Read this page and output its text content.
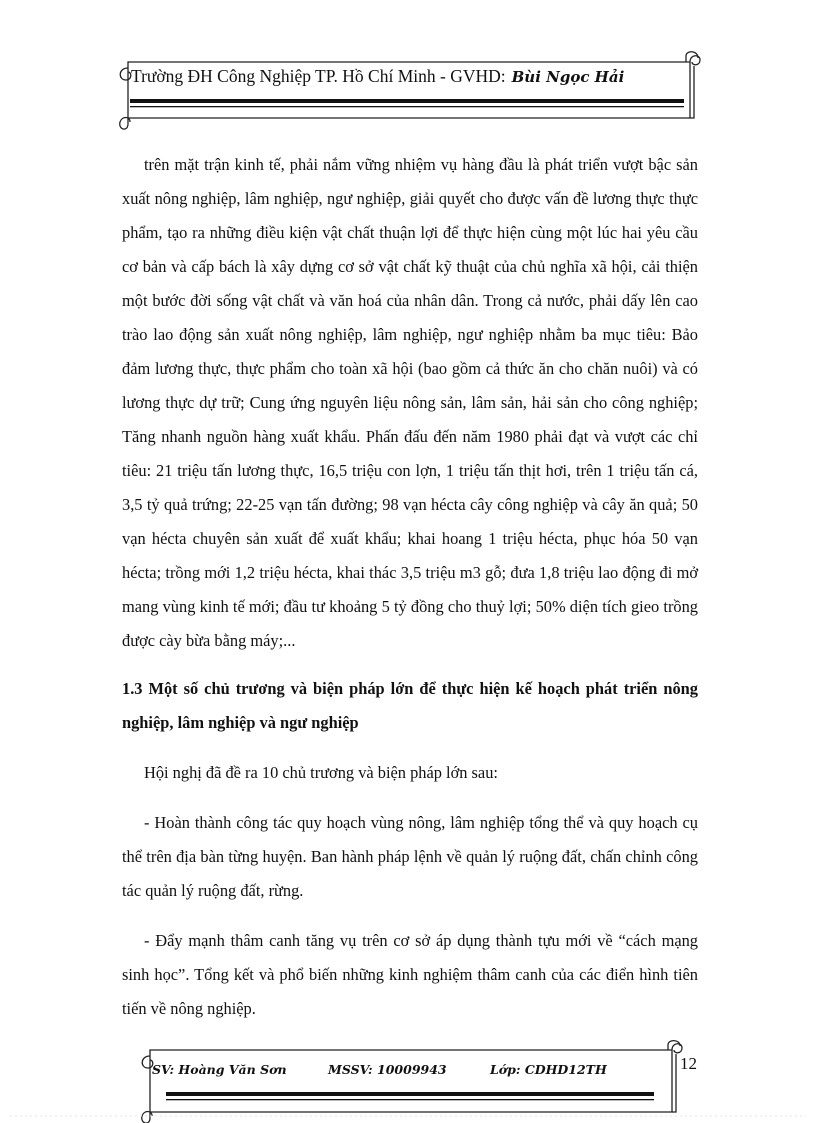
Trường ĐH Công Nghiệp TP. Hồ Chí Minh - GVHD: Bùi Ngọc Hải

trên mặt trận kinh tế, phải nắm vững nhiệm vụ hàng đầu là phát triển vượt bậc sản xuất nông nghiệp, lâm nghiệp, ngư nghiệp, giải quyết cho được vấn đề lương thực thực phẩm, tạo ra những điều kiện vật chất thuận lợi để thực hiện cùng một lúc hai yêu cầu cơ bản và cấp bách là xây dựng cơ sở vật chất kỹ thuật của chủ nghĩa xã hội, cải thiện một bước đời sống vật chất và văn hoá của nhân dân. Trong cả nước, phải dấy lên cao trào lao động sản xuất nông nghiệp, lâm nghiệp, ngư nghiệp nhằm ba mục tiêu: Bảo đảm lương thực, thực phẩm cho toàn xã hội (bao gồm cả thức ăn cho chăn nuôi) và có lương thực dự trữ; Cung ứng nguyên liệu nông sản, lâm sản, hải sản cho công nghiệp; Tăng nhanh nguồn hàng xuất khẩu. Phấn đấu đến năm 1980 phải đạt và vượt các chỉ tiêu: 21 triệu tấn lương thực, 16,5 triệu con lợn, 1 triệu tấn thịt hơi, trên 1 triệu tấn cá, 3,5 tỷ quả trứng; 22-25 vạn tấn đường; 98 vạn hécta cây công nghiệp và cây ăn quả; 50 vạn hécta chuyên sản xuất để xuất khẩu; khai hoang 1 triệu hécta, phục hóa 50 vạn hécta; trồng mới 1,2 triệu hécta, khai thác 3,5 triệu m3 gỗ; đưa 1,8 triệu lao động đi mở mang vùng kinh tế mới; đầu tư khoảng 5 tỷ đồng cho thuỷ lợi; 50% diện tích gieo trồng được cày bừa bằng máy;...

1.3 Một số chủ trương và biện pháp lớn để thực hiện kế hoạch phát triển nông nghiệp, lâm nghiệp và ngư nghiệp

Hội nghị đã đề ra 10 chủ trương và biện pháp lớn sau:

- Hoàn thành công tác quy hoạch vùng nông, lâm nghiệp tổng thể và quy hoạch cụ thể trên địa bàn từng huyện. Ban hành pháp lệnh về quản lý ruộng đất, chấn chỉnh công tác quản lý ruộng đất, rừng.

- Đẩy mạnh thâm canh tăng vụ trên cơ sở áp dụng thành tựu mới về “cách mạng sinh học”. Tổng kết và phổ biến những kinh nghiệm thâm canh của các điển hình tiên tiến về nông nghiệp.

SV: Hoàng Văn Sơn	MSSV: 10009943	Lớp: CDHD12TH	12
